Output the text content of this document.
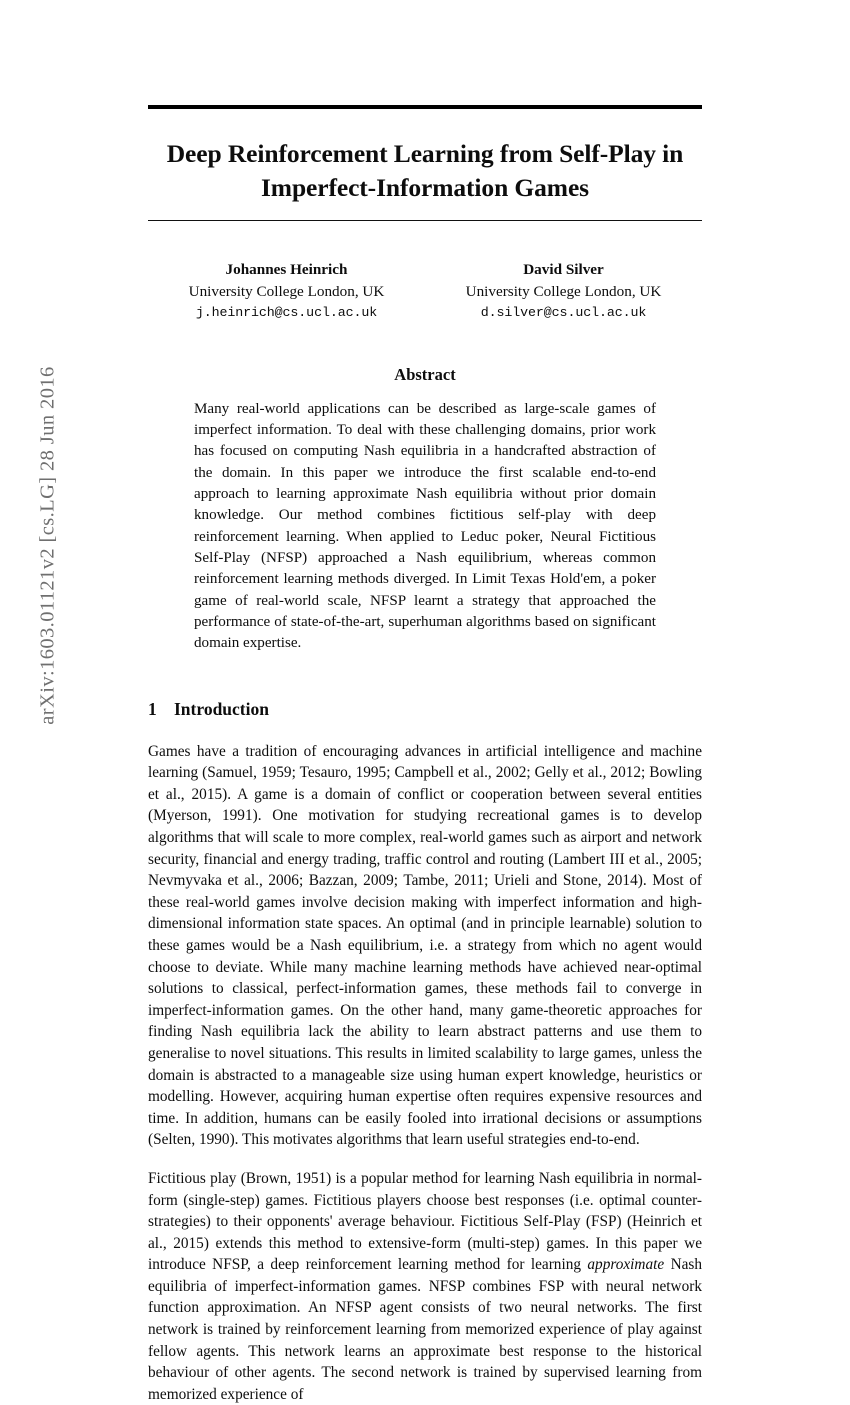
arXiv:1603.01121v2 [cs.LG] 28 Jun 2016
Deep Reinforcement Learning from Self-Play in
Imperfect-Information Games
Johannes Heinrich
University College London, UK
j.heinrich@cs.ucl.ac.uk
David Silver
University College London, UK
d.silver@cs.ucl.ac.uk
Abstract

Many real-world applications can be described as large-scale games of imperfect information. To deal with these challenging domains, prior work has focused on computing Nash equilibria in a handcrafted abstraction of the domain. In this paper we introduce the first scalable end-to-end approach to learning approximate Nash equilibria without prior domain knowledge. Our method combines fictitious self-play with deep reinforcement learning. When applied to Leduc poker, Neural Fictitious Self-Play (NFSP) approached a Nash equilibrium, whereas common reinforcement learning methods diverged. In Limit Texas Hold'em, a poker game of real-world scale, NFSP learnt a strategy that approached the performance of state-of-the-art, superhuman algorithms based on significant domain expertise.

1 Introduction

Games have a tradition of encouraging advances in artificial intelligence and machine learning (Samuel, 1959; Tesauro, 1995; Campbell et al., 2002; Gelly et al., 2012; Bowling et al., 2015). A game is a domain of conflict or cooperation between several entities (Myerson, 1991). One motivation for studying recreational games is to develop algorithms that will scale to more complex, real-world games such as airport and network security, financial and energy trading, traffic control and routing (Lambert III et al., 2005; Nevmyvaka et al., 2006; Bazzan, 2009; Tambe, 2011; Urieli and Stone, 2014). Most of these real-world games involve decision making with imperfect information and high-dimensional information state spaces. An optimal (and in principle learnable) solution to these games would be a Nash equilibrium, i.e. a strategy from which no agent would choose to deviate. While many machine learning methods have achieved near-optimal solutions to classical, perfect-information games, these methods fail to converge in imperfect-information games. On the other hand, many game-theoretic approaches for finding Nash equilibria lack the ability to learn abstract patterns and use them to generalise to novel situations. This results in limited scalability to large games, unless the domain is abstracted to a manageable size using human expert knowledge, heuristics or modelling. However, acquiring human expertise often requires expensive resources and time. In addition, humans can be easily fooled into irrational decisions or assumptions (Selten, 1990). This motivates algorithms that learn useful strategies end-to-end.

Fictitious play (Brown, 1951) is a popular method for learning Nash equilibria in normal-form (single-step) games. Fictitious players choose best responses (i.e. optimal counter-strategies) to their opponents' average behaviour. Fictitious Self-Play (FSP) (Heinrich et al., 2015) extends this method to extensive-form (multi-step) games. In this paper we introduce NFSP, a deep reinforcement learning method for learning approximate Nash equilibria of imperfect-information games. NFSP combines FSP with neural network function approximation. An NFSP agent consists of two neural networks. The first network is trained by reinforcement learning from memorized experience of play against fellow agents. This network learns an approximate best response to the historical behaviour of other agents. The second network is trained by supervised learning from memorized experience of
